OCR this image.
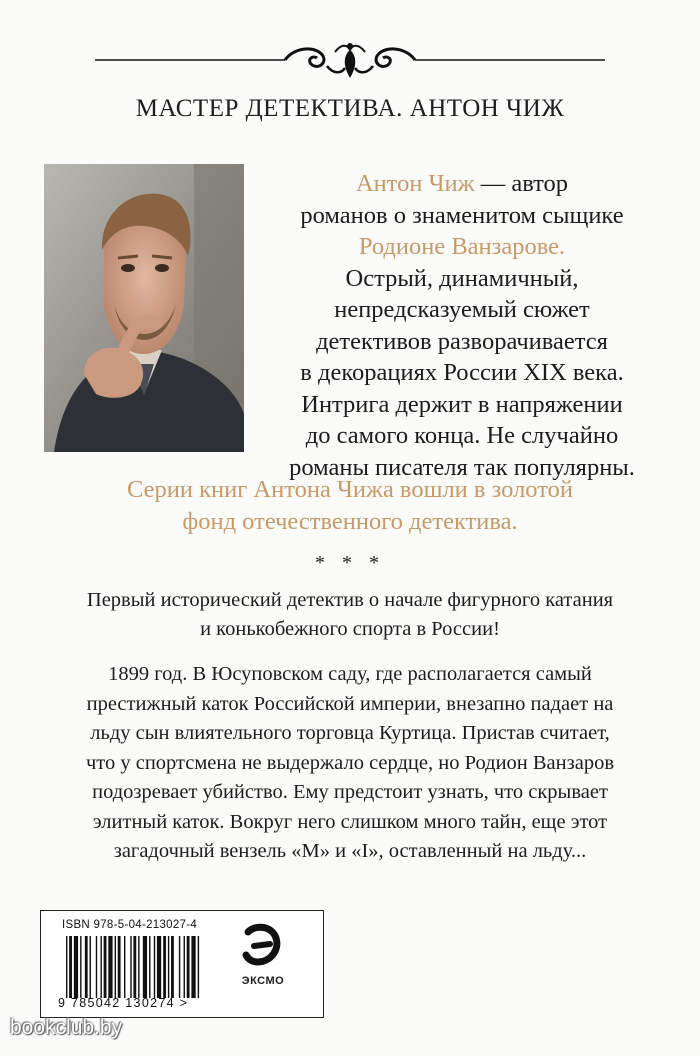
МАСТЕР ДЕТЕКТИВА. АНТОН ЧИЖ
Антон Чиж — автор
романов о знаменитом сыщике
Родионе Ванзарове.
Острый, динамичный,
непредсказуемый сюжет
детективов разворачивается
в декорациях России XIX века.
Интрига держит в напряжении
до самого конца. Не случайно
романы писателя так популярны.
Серии книг Антона Чижа вошли в золотой
фонд отечественного детектива.
* * *
Первый исторический детектив о начале фигурного катания
и конькобежного спорта в России!
1899 год. В Юсуповском саду, где располагается самый
престижный каток Российской империи, внезапно падает на
льду сын влиятельного торговца Куртица. Пристав считает,
что у спортсмена не выдержало сердце, но Родион Ванзаров
подозревает убийство. Ему предстоит узнать, что скрывает
элитный каток. Вокруг него слишком много тайн, еще этот
загадочный вензель «М» и «I», оставленный на льду...
ISBN 978-5-04-213027-4
9 785042 130274 >
ЭКСМО
bookclub.by
